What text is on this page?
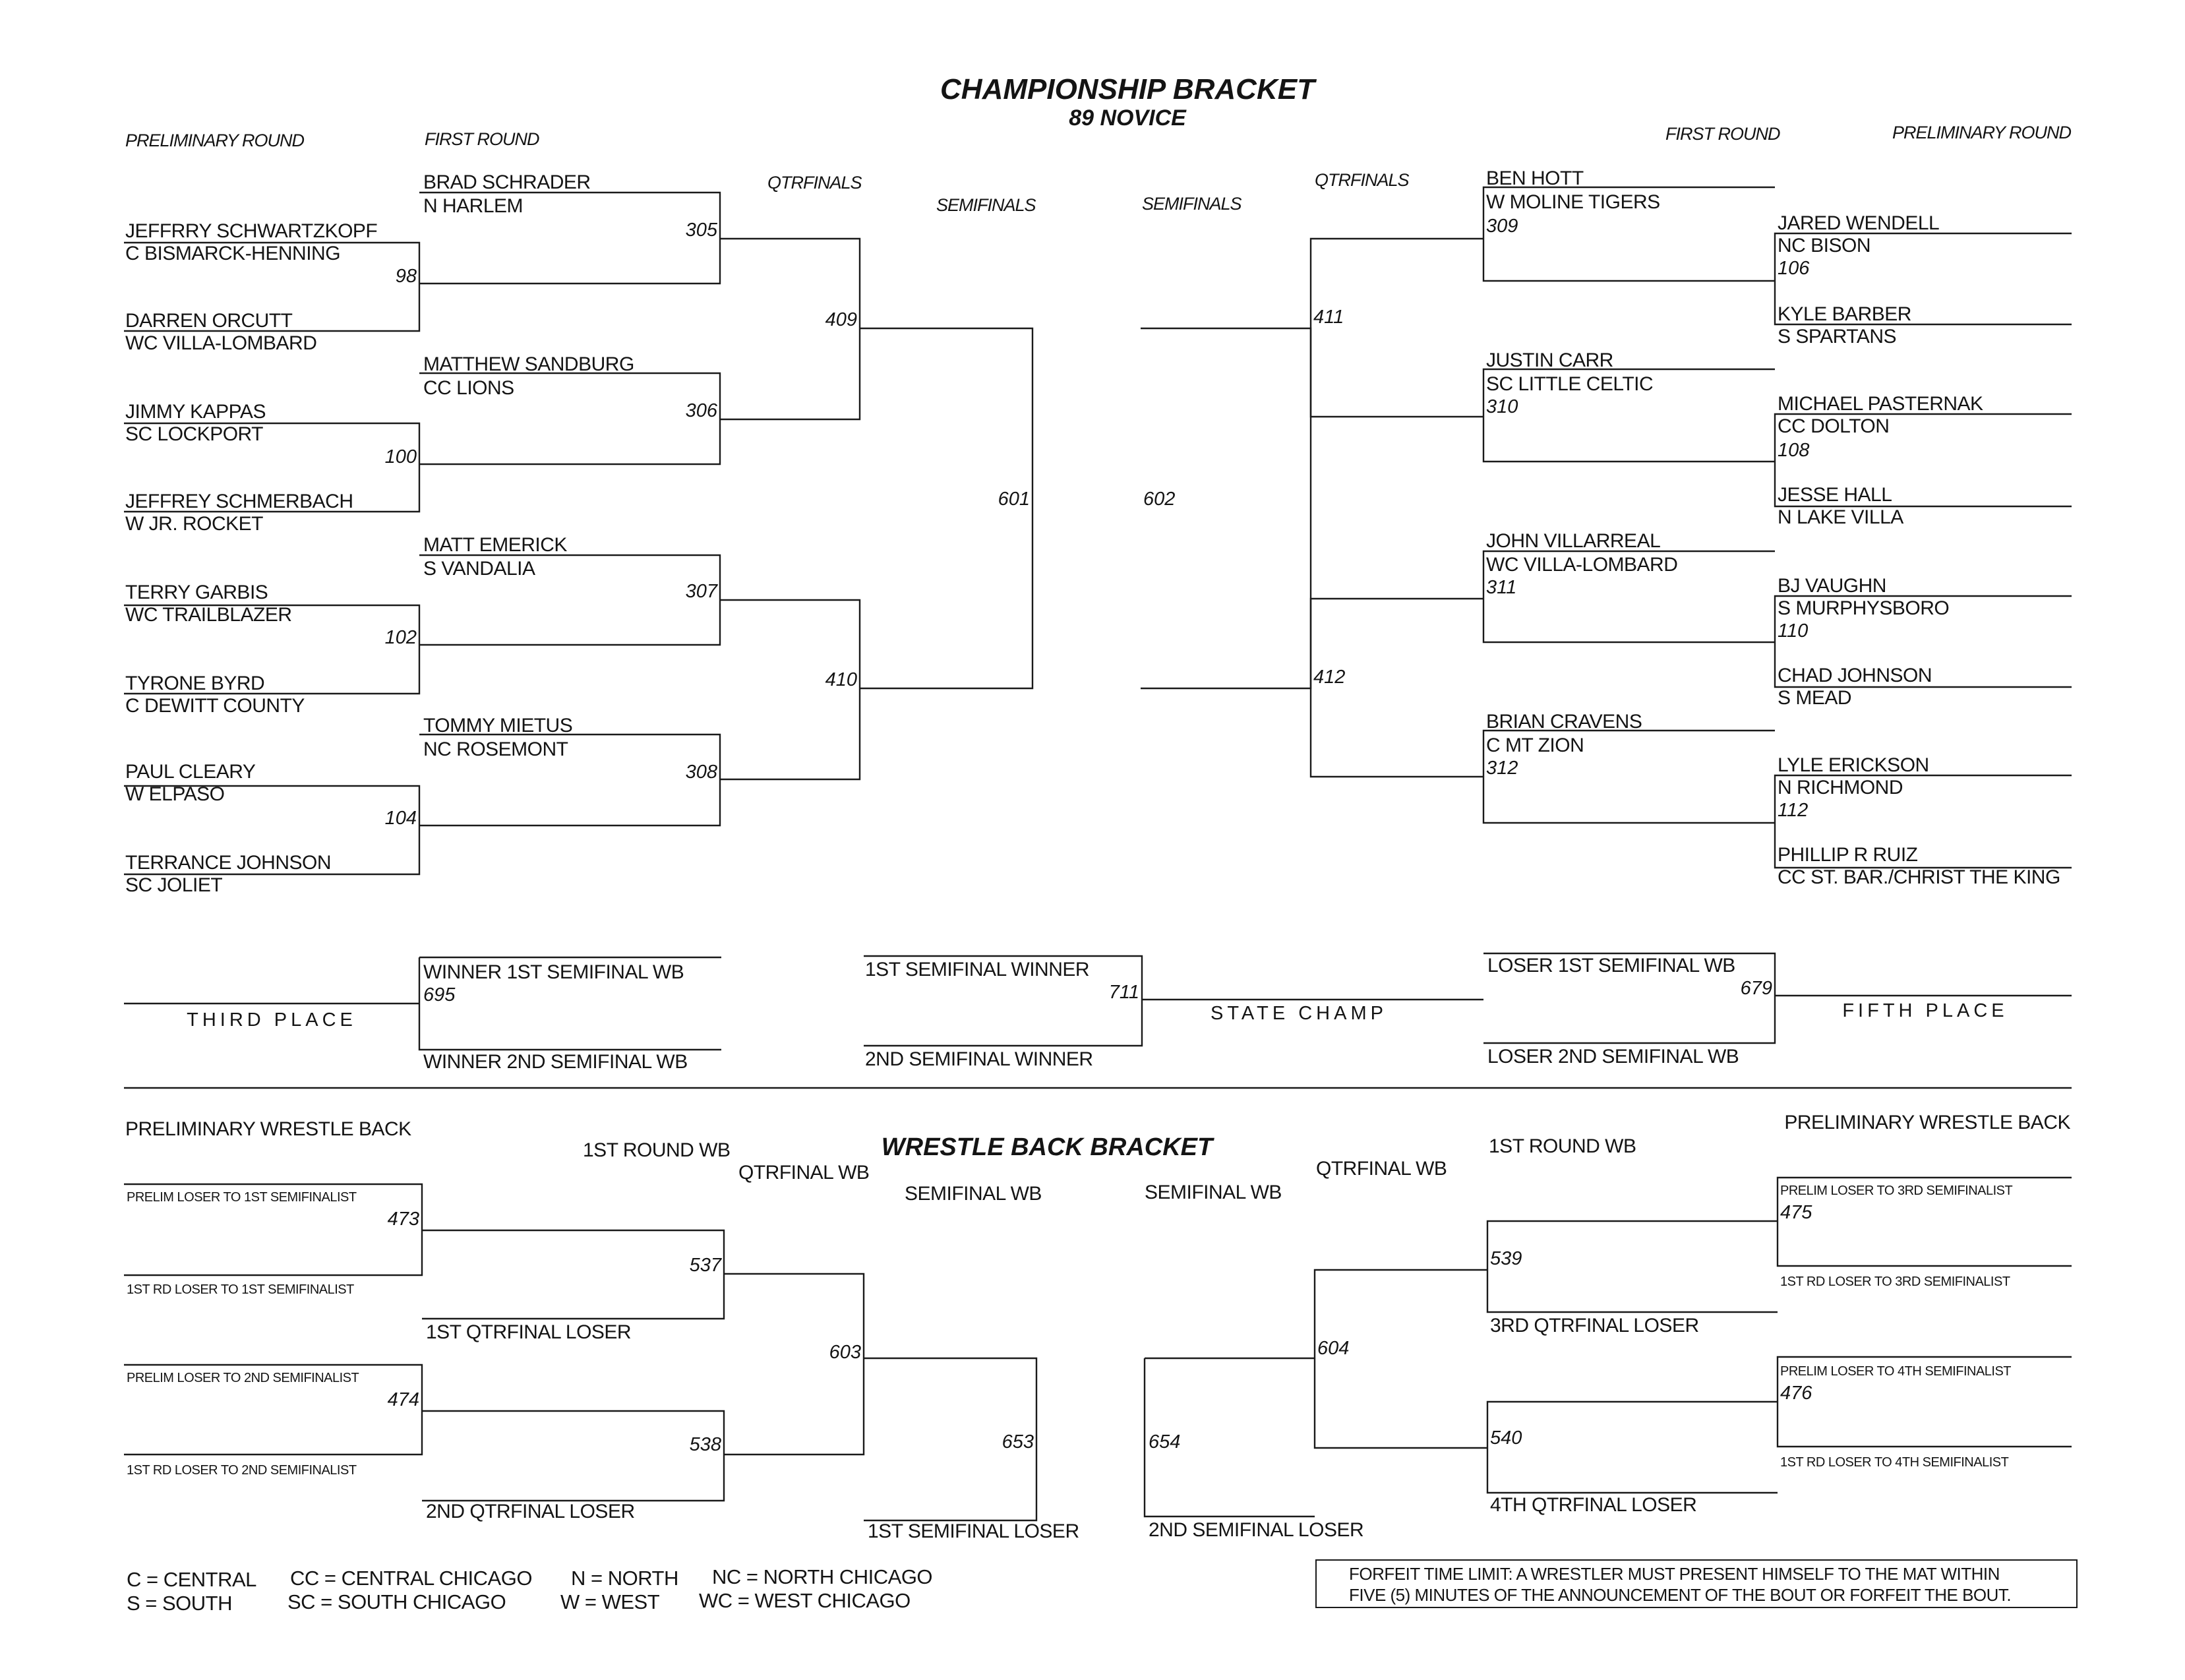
CHAMPIONSHIP BRACKET
89 NOVICE
PRELIMINARY ROUND	FIRST ROUND
QTRFINALS
SEMIFINALS	SEMIFINALS
QTRFINALS
FIRST ROUND	PRELIMINARY ROUND
JEFFRRY SCHWARTZKOPF
C BISMARCK-HENNING
DARREN ORCUTT
WC VILLA-LOMBARD
JIMMY KAPPAS
SC LOCKPORT
JEFFREY SCHMERBACH
W JR. ROCKET
TERRY GARBIS
WC TRAILBLAZER
TYRONE BYRD
C DEWITT COUNTY
PAUL CLEARY
W ELPASO
TERRANCE JOHNSON
SC JOLIET
BRAD SCHRADER
N HARLEM
MATTHEW SANDBURG
CC LIONS
MATT EMERICK
S VANDALIA
TOMMY MIETUS
NC ROSEMONT
BEN HOTT
W MOLINE TIGERS
JUSTIN CARR
SC LITTLE CELTIC
JOHN VILLARREAL
WC VILLA-LOMBARD
BRIAN CRAVENS
C MT ZION
JARED WENDELL
NC BISON
KYLE BARBER
S SPARTANS
MICHAEL PASTERNAK
CC DOLTON
JESSE HALL
N LAKE VILLA
BJ VAUGHN
S MURPHYSBORO
CHAD JOHNSON
S MEAD
LYLE ERICKSON
N RICHMOND
PHILLIP R RUIZ
CC ST. BAR./CHRIST THE KING
98
100
102
104
305
306
307
308
409
410
601	602
411
412
309
310
311
312
106
108
110
112
THIRD PLACE
WINNER 1ST SEMIFINAL WB
695
WINNER 2ND SEMIFINAL WB
1ST SEMIFINAL WINNER
711
2ND SEMIFINAL WINNER
STATE CHAMP
LOSER 1ST SEMIFINAL WB
679
LOSER 2ND SEMIFINAL WB
FIFTH PLACE
WRESTLE BACK BRACKET
PRELIMINARY WRESTLE BACK
1ST ROUND WB
QTRFINAL WB
SEMIFINAL WB	SEMIFINAL WB
QTRFINAL WB
1ST ROUND WB
PRELIMINARY WRESTLE BACK
PRELIM LOSER TO 1ST SEMIFINALIST
1ST RD LOSER TO 1ST SEMIFINALIST
PRELIM LOSER TO 2ND SEMIFINALIST
1ST RD LOSER TO 2ND SEMIFINALIST
PRELIM LOSER TO 3RD SEMIFINALIST
1ST RD LOSER TO 3RD SEMIFINALIST
PRELIM LOSER TO 4TH SEMIFINALIST
1ST RD LOSER TO 4TH SEMIFINALIST
1ST QTRFINAL LOSER
2ND QTRFINAL LOSER
3RD QTRFINAL LOSER
4TH QTRFINAL LOSER
1ST SEMIFINAL LOSER	2ND SEMIFINAL LOSER
473
474
537
538
603
653	654
604
539
540
475
476
C = CENTRAL
S = SOUTH
CC = CENTRAL CHICAGO
SC = SOUTH CHICAGO
N = NORTH
W = WEST
NC = NORTH CHICAGO
WC = WEST CHICAGO
FORFEIT TIME LIMIT: A WRESTLER MUST PRESENT HIMSELF TO THE MAT WITHIN
FIVE (5) MINUTES OF THE ANNOUNCEMENT OF THE BOUT OR FORFEIT THE BOUT.
